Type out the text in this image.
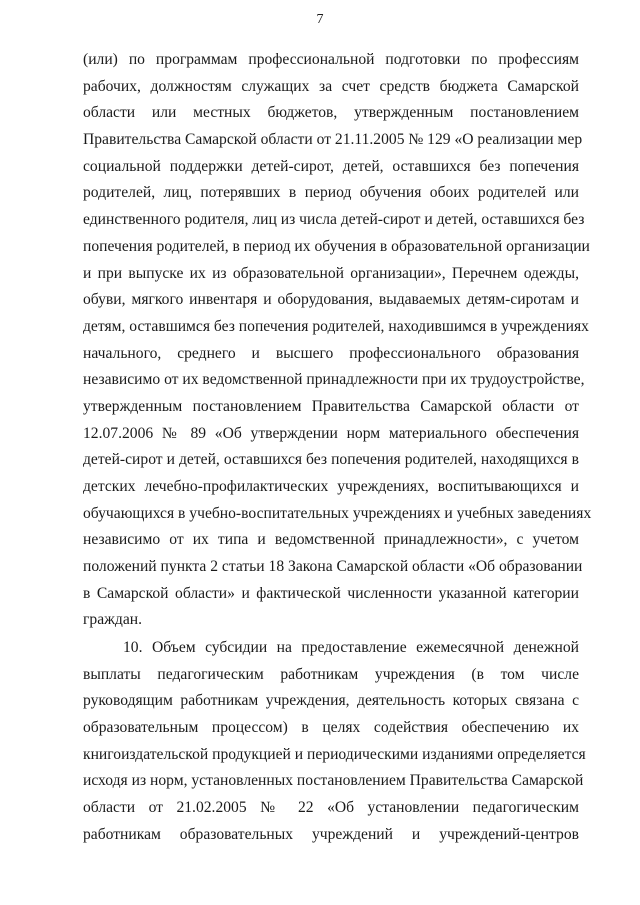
7
(или) по программам профессиональной подготовки по профессиям
рабочих, должностям служащих за счет средств бюджета Самарской
области или местных бюджетов, утвержденным постановлением
Правительства Самарской области от 21.11.2005 № 129 «О реализации мер
социальной поддержки детей-сирот, детей, оставшихся без попечения
родителей, лиц, потерявших в период обучения обоих родителей или
единственного родителя, лиц из числа детей-сирот и детей, оставшихся без
попечения родителей, в период их обучения в образовательной организации
и при выпуске их из образовательной организации», Перечнем одежды,
обуви, мягкого инвентаря и оборудования, выдаваемых детям-сиротам и
детям, оставшимся без попечения родителей, находившимся в учреждениях
начального, среднего и высшего профессионального образования
независимо от их ведомственной принадлежности при их трудоустройстве,
утвержденным постановлением Правительства Самарской области от
12.07.2006 № 89 «Об утверждении норм материального обеспечения
детей-сирот и детей, оставшихся без попечения родителей, находящихся в
детских лечебно-профилактических учреждениях, воспитывающихся и
обучающихся в учебно-воспитательных учреждениях и учебных заведениях
независимо от их типа и ведомственной принадлежности», с учетом
положений пункта 2 статьи 18 Закона Самарской области «Об образовании
в Самарской области» и фактической численности указанной категории
граждан.
10. Объем субсидии на предоставление ежемесячной денежной
выплаты педагогическим работникам учреждения (в том числе
руководящим работникам учреждения, деятельность которых связана с
образовательным процессом) в целях содействия обеспечению их
книгоиздательской продукцией и периодическими изданиями определяется
исходя из норм, установленных постановлением Правительства Самарской
области от 21.02.2005 № 22 «Об установлении педагогическим
работникам образовательных учреждений и учреждений-центров
